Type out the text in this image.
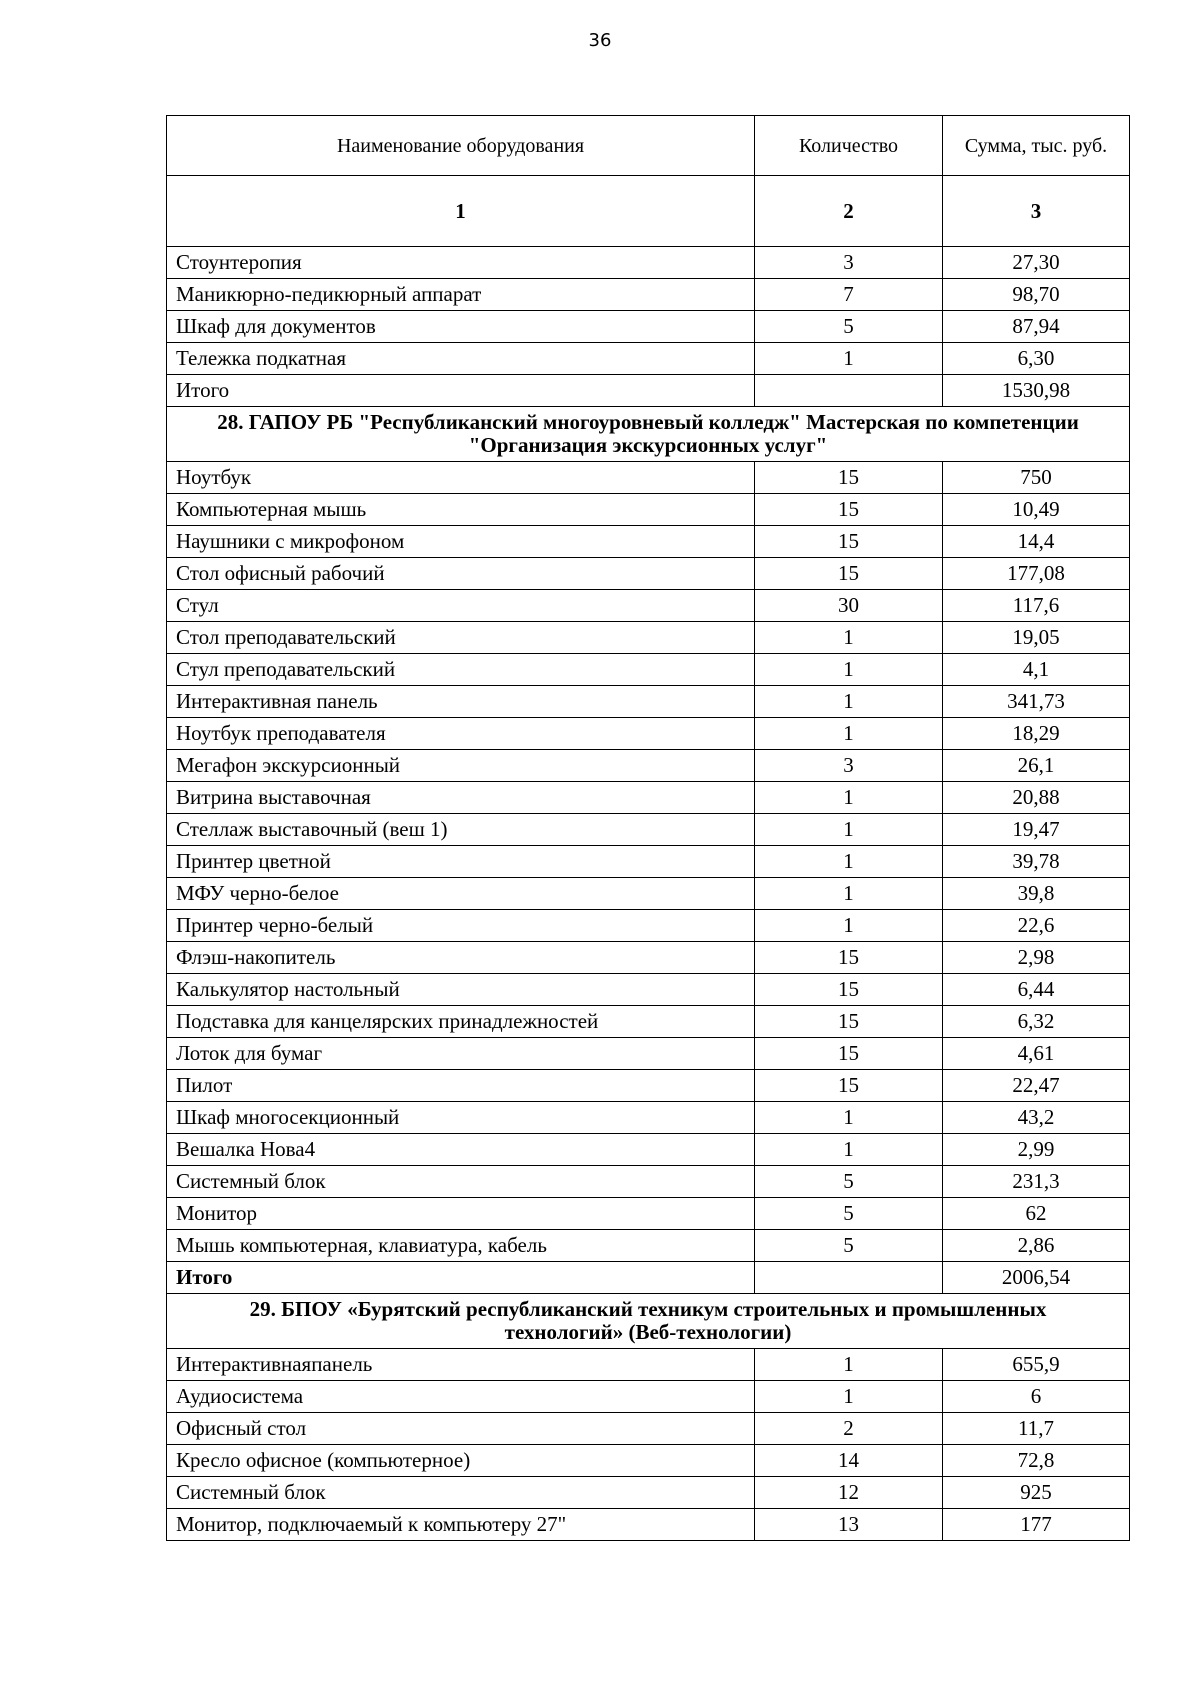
36
Наименование оборудования	Количество	Сумма, тыс. руб.
1	2	3
Стоунтеропия	3	27,30
Маникюрно-педикюрный аппарат	7	98,70
Шкаф для документов	5	87,94
Тележка подкатная	1	6,30
Итого		1530,98
28. ГАПОУ РБ "Республиканский многоуровневый колледж" Мастерская по компетенции "Организация экскурсионных услуг"		
Ноутбук	15	750
Компьютерная мышь	15	10,49
Наушники с микрофоном	15	14,4
Стол офисный рабочий	15	177,08
Стул	30	117,6
Стол преподавательский	1	19,05
Стул преподавательский	1	4,1
Интерактивная панель	1	341,73
Ноутбук преподавателя	1	18,29
Мегафон экскурсионный	3	26,1
Витрина выставочная	1	20,88
Стеллаж выставочный (веш 1)	1	19,47
Принтер цветной	1	39,78
МФУ черно-белое	1	39,8
Принтер черно-белый	1	22,6
Флэш-накопитель	15	2,98
Калькулятор настольный	15	6,44
Подставка для канцелярских принадлежностей	15	6,32
Лоток для бумаг	15	4,61
Пилот	15	22,47
Шкаф многосекционный	1	43,2
Вешалка Нова4	1	2,99
Системный блок	5	231,3
Монитор	5	62
Мышь компьютерная, клавиатура, кабель	5	2,86
Итого		2006,54
29. БПОУ «Бурятский республиканский техникум строительных и промышленных технологий» (Веб-технологии)		
Интерактивнаяпанель	1	655,9
Аудиосистема	1	6
Офисный стол	2	11,7
Кресло офисное (компьютерное)	14	72,8
Системный блок	12	925
Монитор, подключаемый к компьютеру 27"	13	177
